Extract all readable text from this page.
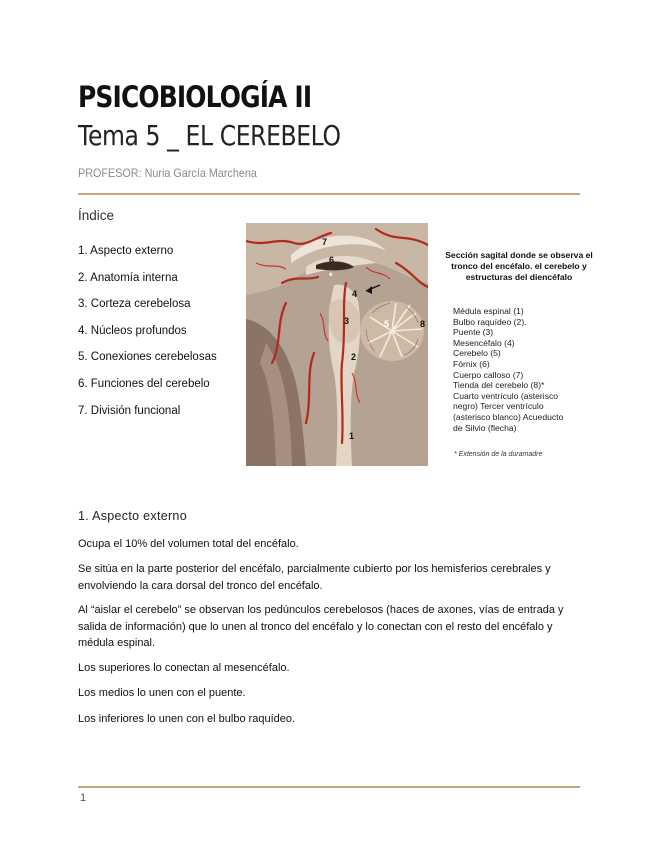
PSICOBIOLOGÍA II
Tema 5 _ EL CEREBELO
PROFESOR: Nuria García Marchena
Índice
1. Aspecto externo
2. Anatomía interna
3. Corteza cerebelosa
4. Núcleos profundos
5. Conexiones cerebelosas
6. Funciones del cerebelo
7. División funcional
7
6
*
4
3	5	8
2
1
Sección sagital donde se observa el tronco del encéfalo. el cerebelo y estructuras del diencéfalo
Médula espinal (1)
Bulbo raquídeo (2).
Puente (3)
Mesencéfalo (4)
Cerebelo (5)
Fórnix (6)
Cuerpo calloso (7)
Tienda del cerebelo (8)*
Cuarto ventrículo (asterisco
negro) Tercer ventrículo
(asterisco blanco) Acueducto
de Silvio (flecha)
* Extensión de la duramadre
1. Aspecto externo

Ocupa el 10% del volumen total del encéfalo.

Se sitúa en la parte posterior del encéfalo, parcialmente cubierto por los hemisferios cerebrales y envolviendo la cara dorsal del tronco del encéfalo.

Al “aislar el cerebelo” se observan los pedúnculos cerebelosos (haces de axones, vías de entrada y salida de información) que lo unen al tronco del encéfalo y lo conectan con el resto del encéfalo y médula espinal.

Los superiores lo conectan al mesencéfalo.

Los medios lo unen con el puente.

Los inferiores lo unen con el bulbo raquídeo.

1
